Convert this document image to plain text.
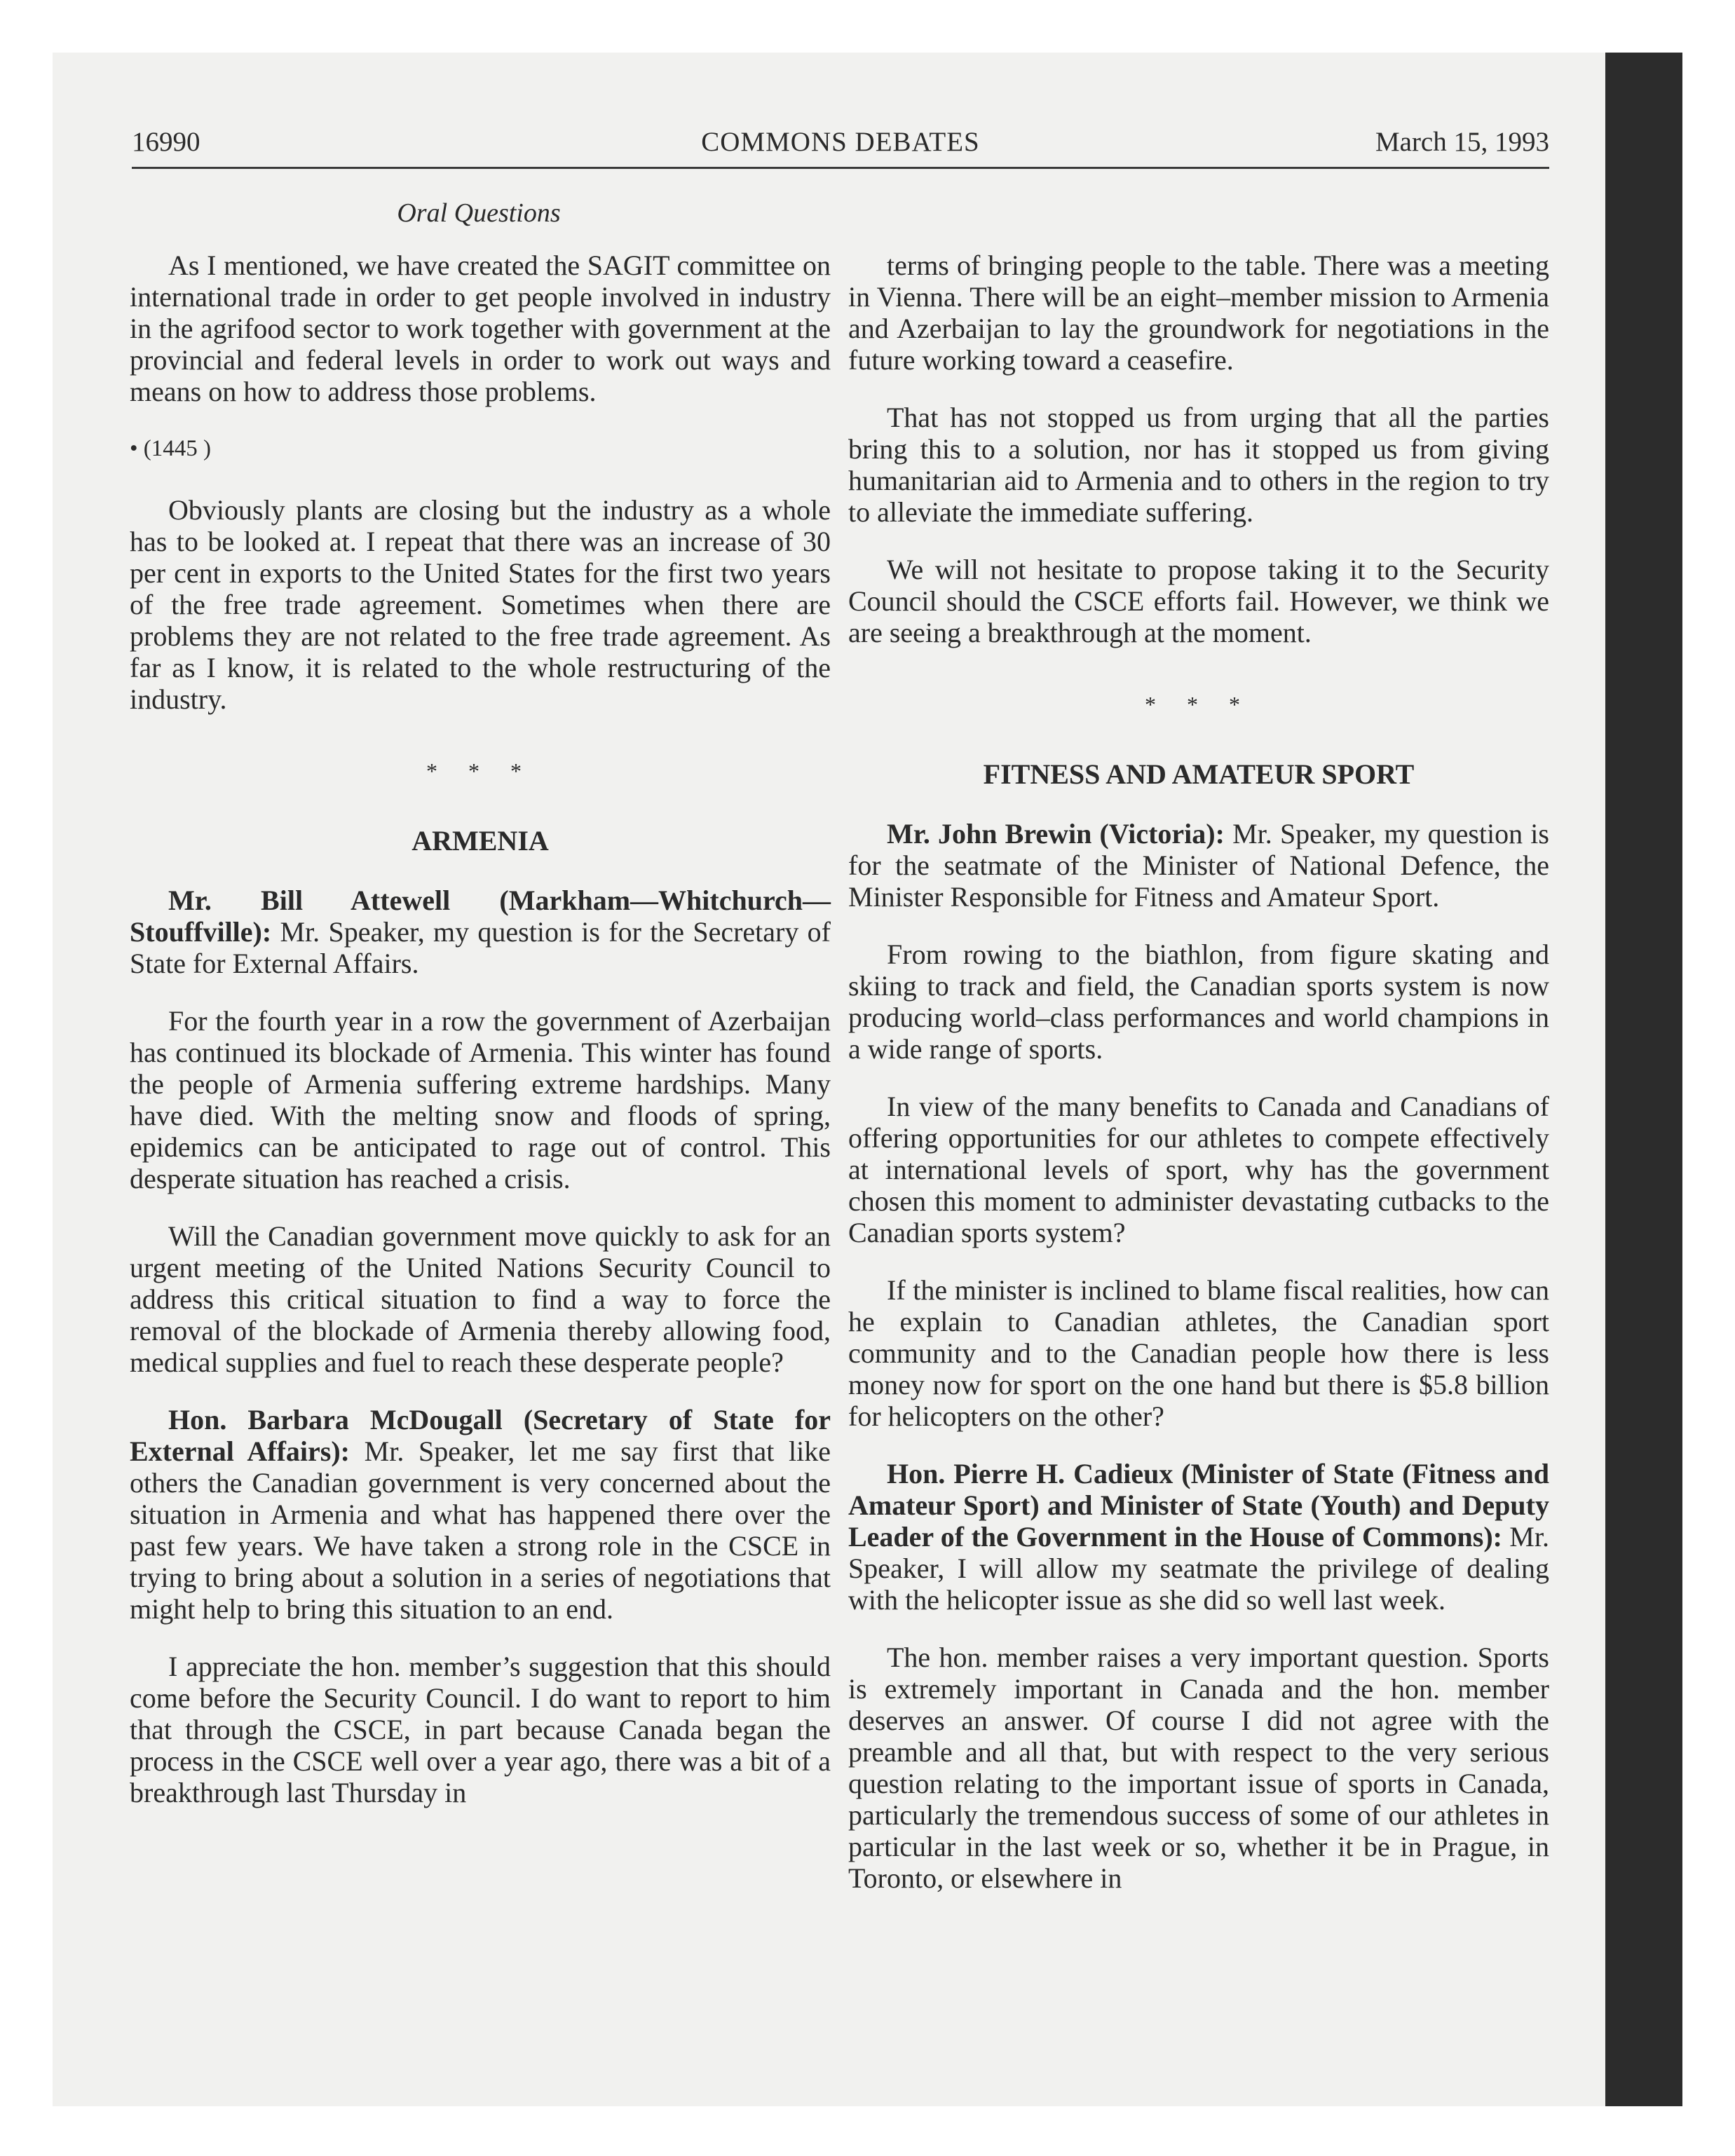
16990	COMMONS DEBATES	March 15, 1993
Oral Questions

As I mentioned, we have created the SAGIT committee on international trade in order to get people involved in industry in the agrifood sector to work together with government at the provincial and federal levels in order to work out ways and means on how to address those problems.

• (1445 )

Obviously plants are closing but the industry as a whole has to be looked at. I repeat that there was an increase of 30 per cent in exports to the United States for the first two years of the free trade agreement. Sometimes when there are problems they are not related to the free trade agreement. As far as I know, it is related to the whole restructuring of the industry.

* * *

ARMENIA

Mr. Bill Attewell (Markham—Whitchurch—Stouffville): Mr. Speaker, my question is for the Secretary of State for External Affairs.

For the fourth year in a row the government of Azerbaijan has continued its blockade of Armenia. This winter has found the people of Armenia suffering extreme hardships. Many have died. With the melting snow and floods of spring, epidemics can be anticipated to rage out of control. This desperate situation has reached a crisis.

Will the Canadian government move quickly to ask for an urgent meeting of the United Nations Security Council to address this critical situation to find a way to force the removal of the blockade of Armenia thereby allowing food, medical supplies and fuel to reach these desperate people?

Hon. Barbara McDougall (Secretary of State for External Affairs): Mr. Speaker, let me say first that like others the Canadian government is very concerned about the situation in Armenia and what has happened there over the past few years. We have taken a strong role in the CSCE in trying to bring about a solution in a series of negotiations that might help to bring this situation to an end.

I appreciate the hon. member’s suggestion that this should come before the Security Council. I do want to report to him that through the CSCE, in part because Canada began the process in the CSCE well over a year ago, there was a bit of a breakthrough last Thursday in

terms of bringing people to the table. There was a meeting in Vienna. There will be an eight–member mission to Armenia and Azerbaijan to lay the groundwork for negotiations in the future working toward a ceasefire.

That has not stopped us from urging that all the parties bring this to a solution, nor has it stopped us from giving humanitarian aid to Armenia and to others in the region to try to alleviate the immediate suffering.

We will not hesitate to propose taking it to the Security Council should the CSCE efforts fail. However, we think we are seeing a breakthrough at the moment.

* * *

FITNESS AND AMATEUR SPORT

Mr. John Brewin (Victoria): Mr. Speaker, my question is for the seatmate of the Minister of National Defence, the Minister Responsible for Fitness and Amateur Sport.

From rowing to the biathlon, from figure skating and skiing to track and field, the Canadian sports system is now producing world–class performances and world champions in a wide range of sports.

In view of the many benefits to Canada and Canadians of offering opportunities for our athletes to compete effectively at international levels of sport, why has the government chosen this moment to administer devastating cutbacks to the Canadian sports system?

If the minister is inclined to blame fiscal realities, how can he explain to Canadian athletes, the Canadian sport community and to the Canadian people how there is less money now for sport on the one hand but there is $5.8 billion for helicopters on the other?

Hon. Pierre H. Cadieux (Minister of State (Fitness and Amateur Sport) and Minister of State (Youth) and Deputy Leader of the Government in the House of Commons): Mr. Speaker, I will allow my seatmate the privilege of dealing with the helicopter issue as she did so well last week.

The hon. member raises a very important question. Sports is extremely important in Canada and the hon. member deserves an answer. Of course I did not agree with the preamble and all that, but with respect to the very serious question relating to the important issue of sports in Canada, particularly the tremendous success of some of our athletes in particular in the last week or so, whether it be in Prague, in Toronto, or elsewhere in
